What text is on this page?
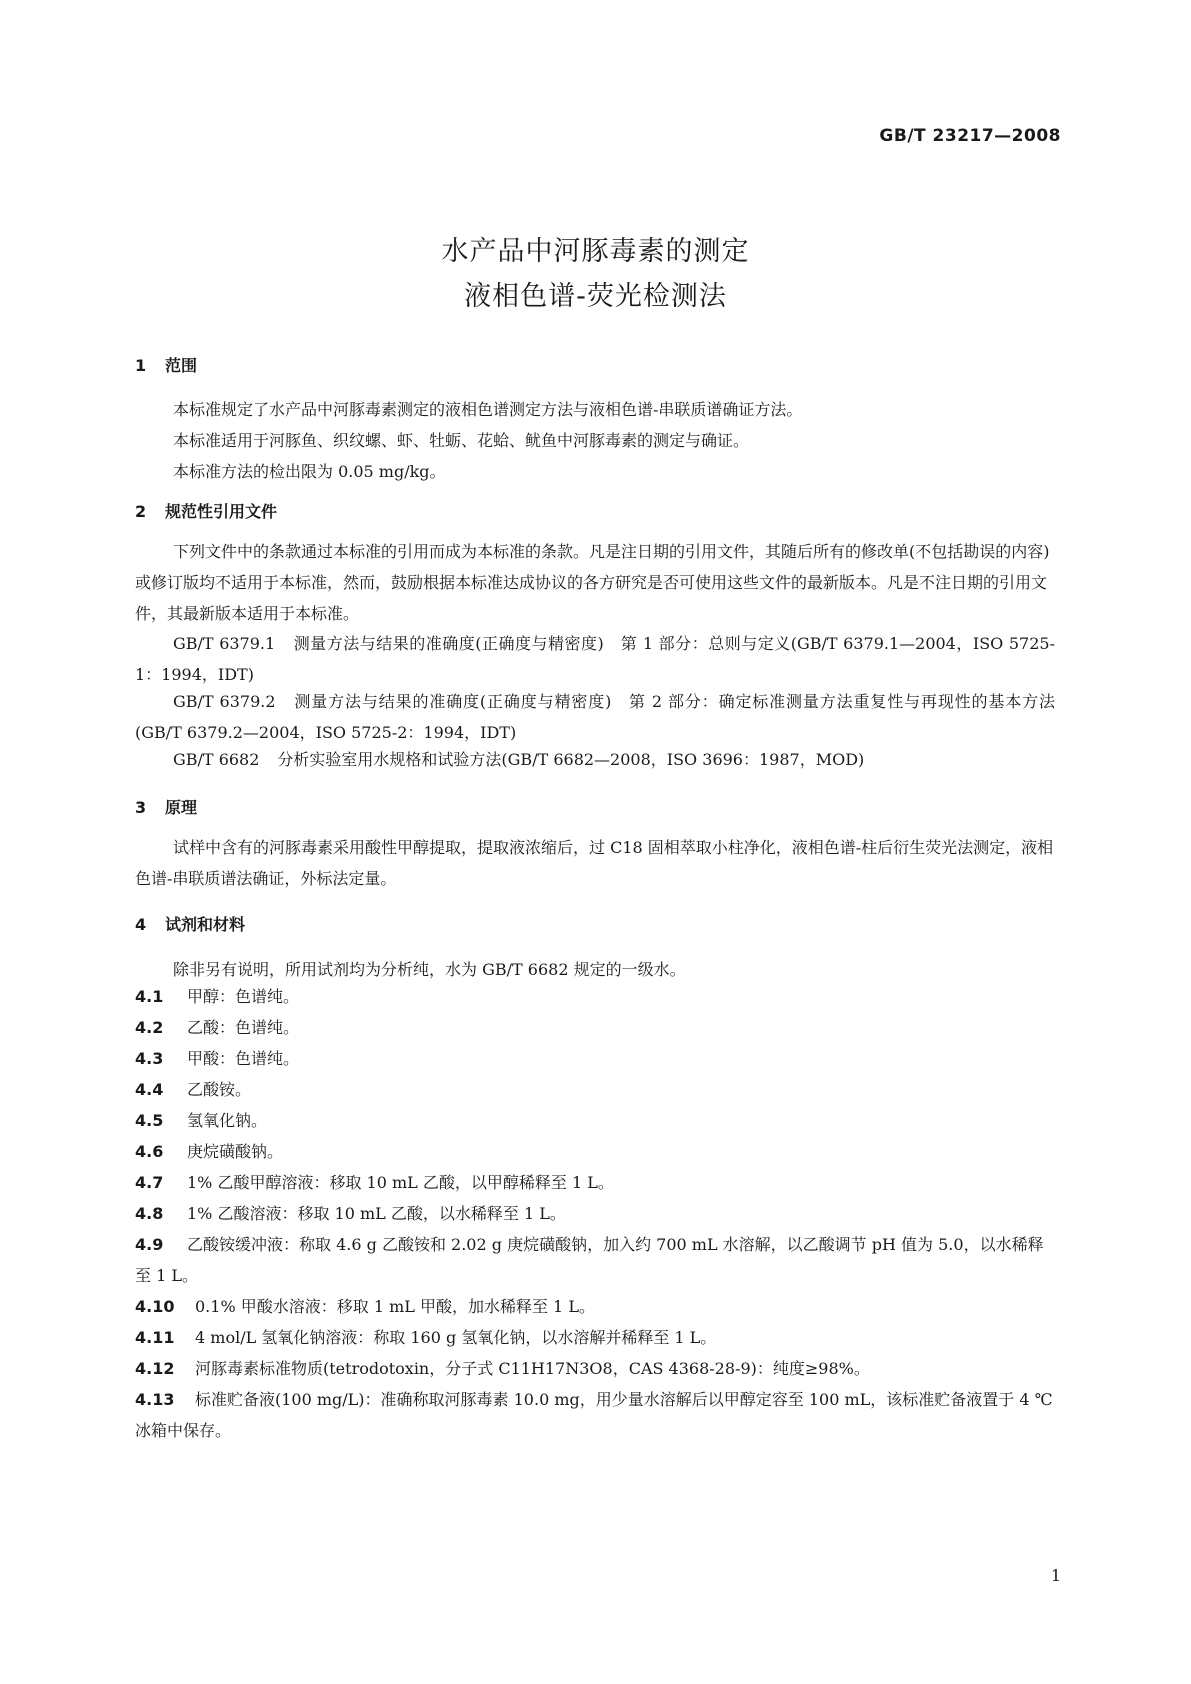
GB/T 23217—2008
水产品中河豚毒素的测定
液相色谱-荧光检测法
1 范围
本标准规定了水产品中河豚毒素测定的液相色谱测定方法与液相色谱-串联质谱确证方法。
本标准适用于河豚鱼、织纹螺、虾、牡蛎、花蛤、鱿鱼中河豚毒素的测定与确证。
本标准方法的检出限为 0.05 mg/kg。
2 规范性引用文件
下列文件中的条款通过本标准的引用而成为本标准的条款。凡是注日期的引用文件，其随后所有的修改单(不包括勘误的内容)或修订版均不适用于本标准，然而，鼓励根据本标准达成协议的各方研究是否可使用这些文件的最新版本。凡是不注日期的引用文件，其最新版本适用于本标准。
GB/T 6379.1 测量方法与结果的准确度(正确度与精密度)　第 1 部分：总则与定义(GB/T 6379.1—2004，ISO 5725-1：1994，IDT)
GB/T 6379.2 测量方法与结果的准确度(正确度与精密度)　第 2 部分：确定标准测量方法重复性与再现性的基本方法(GB/T 6379.2—2004，ISO 5725-2：1994，IDT)
GB/T 6682 分析实验室用水规格和试验方法(GB/T 6682—2008，ISO 3696：1987，MOD)
3 原理
试样中含有的河豚毒素采用酸性甲醇提取，提取液浓缩后，过 C18 固相萃取小柱净化，液相色谱-柱后衍生荧光法测定，液相色谱-串联质谱法确证，外标法定量。
4 试剂和材料
除非另有说明，所用试剂均为分析纯，水为 GB/T 6682 规定的一级水。
4.1 甲醇：色谱纯。
4.2 乙酸：色谱纯。
4.3 甲酸：色谱纯。
4.4 乙酸铵。
4.5 氢氧化钠。
4.6 庚烷磺酸钠。
4.7 1% 乙酸甲醇溶液：移取 10 mL 乙酸，以甲醇稀释至 1 L。
4.8 1% 乙酸溶液：移取 10 mL 乙酸，以水稀释至 1 L。
4.9 乙酸铵缓冲液：称取 4.6 g 乙酸铵和 2.02 g 庚烷磺酸钠，加入约 700 mL 水溶解，以乙酸调节 pH 值为 5.0，以水稀释至 1 L。
4.10 0.1% 甲酸水溶液：移取 1 mL 甲酸，加水稀释至 1 L。
4.11 4 mol/L 氢氧化钠溶液：称取 160 g 氢氧化钠，以水溶解并稀释至 1 L。
4.12 河豚毒素标准物质(tetrodotoxin，分子式 C11H17N3O8，CAS 4368-28-9)：纯度≥98%。
4.13 标准贮备液(100 mg/L)：准确称取河豚毒素 10.0 mg，用少量水溶解后以甲醇定容至 100 mL，该标准贮备液置于 4 ℃冰箱中保存。
1
